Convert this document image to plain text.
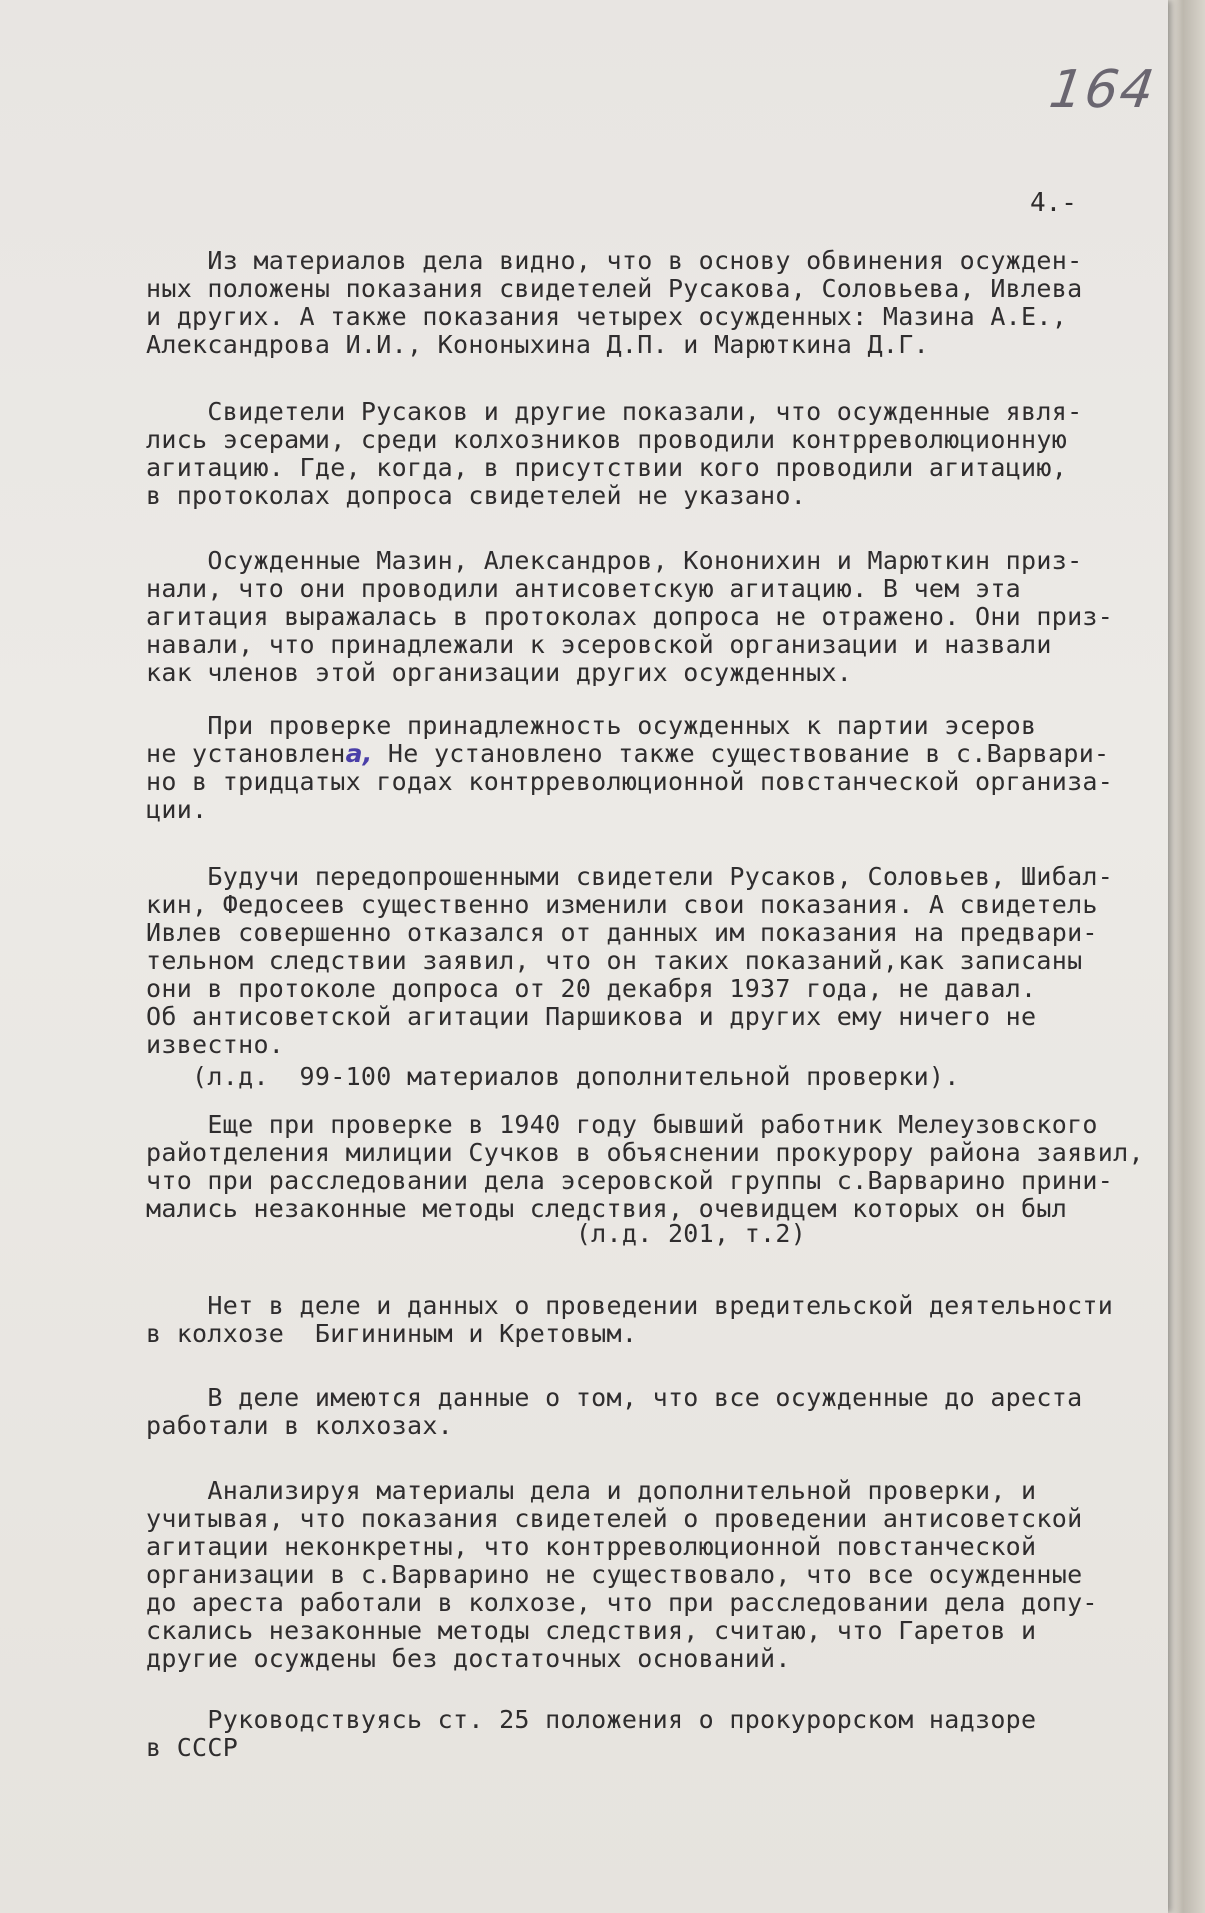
164
4.-
Из материалов дела видно, что в основу обвинения осужден-
ных положены показания свидетелей Русакова, Соловьева, Ивлева
и других. А также показания четырех осужденных: Мазина А.Е.,
Александрова И.И., Кононыхина Д.П. и Марюткина Д.Г.
Свидетели Русаков и другие показали, что осужденные явля-
лись эсерами, среди колхозников проводили контрреволюционную
агитацию. Где, когда, в присутствии кого проводили агитацию,
в протоколах допроса свидетелей не указано.
Осужденные Мазин, Александров, Кононихин и Марюткин приз-
нали, что они проводили антисоветскую агитацию. В чем эта
агитация выражалась в протоколах допроса не отражено. Они приз-
навали, что принадлежали к эсеровской организации и назвали
как членов этой организации других осужденных.
При проверке принадлежность осужденных к партии эсеров
не установлена, Не установлено также существование в с.Варвари-
но в тридцатых годах контрреволюционной повстанческой организа-
ции.
Будучи передопрошенными свидетели Русаков, Соловьев, Шибал-
кин, Федосеев существенно изменили свои показания. А свидетель
Ивлев совершенно отказался от данных им показания на предвари-
тельном следствии заявил, что он таких показаний,как записаны
они в протоколе допроса от 20 декабря 1937 года, не давал.
Об антисоветской агитации Паршикова и других ему ничего не
известно.
(л.д.  99-100 материалов дополнительной проверки).
Еще при проверке в 1940 году бывший работник Мелеузовского
райотделения милиции Сучков в объяснении прокурору района заявил,
что при расследовании дела эсеровской группы с.Варварино прини-
мались незаконные методы следствия, очевидцем которых он был
(л.д. 201, т.2)
Нет в деле и данных о проведении вредительской деятельности
в колхозе  Бигининым и Кретовым.
В деле имеются данные о том, что все осужденные до ареста
работали в колхозах.
Анализируя материалы дела и дополнительной проверки, и
учитывая, что показания свидетелей о проведении антисоветской
агитации неконкретны, что контрреволюционной повстанческой
организации в с.Варварино не существовало, что все осужденные
до ареста работали в колхозе, что при расследовании дела допу-
скались незаконные методы следствия, считаю, что Гаретов и
другие осуждены без достаточных оснований.
Руководствуясь ст. 25 положения о прокурорском надзоре
в СССР
